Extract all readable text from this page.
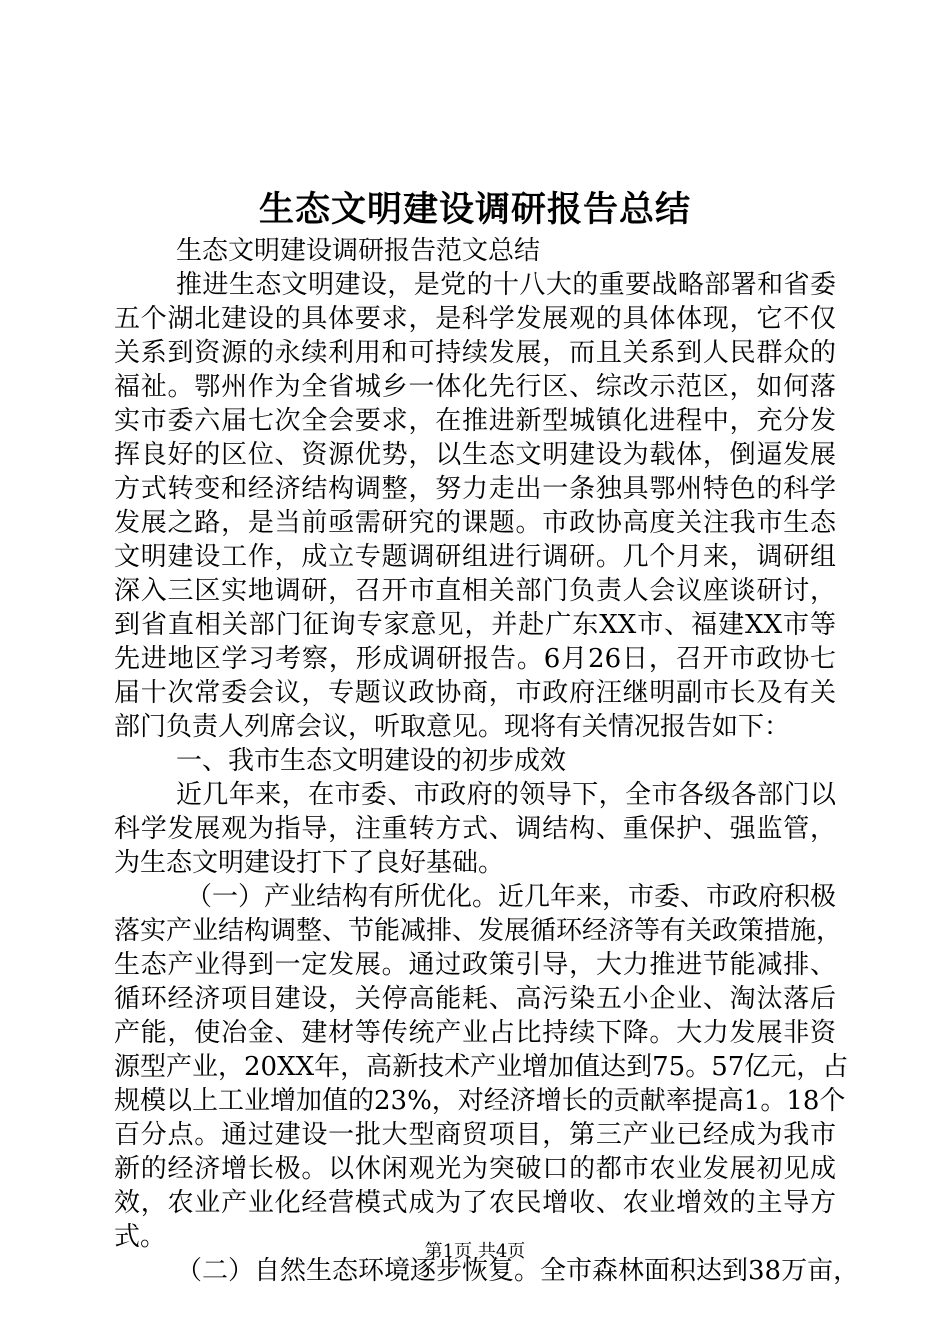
生态文明建设调研报告总结
生态文明建设调研报告范文总结
推进生态文明建设，是党的十八大的重要战略部署和省委
五个湖北建设的具体要求，是科学发展观的具体体现，它不仅
关系到资源的永续利用和可持续发展，而且关系到人民群众的
福祉。鄂州作为全省城乡一体化先行区、综改示范区，如何落
实市委六届七次全会要求，在推进新型城镇化进程中，充分发
挥良好的区位、资源优势，以生态文明建设为载体，倒逼发展
方式转变和经济结构调整，努力走出一条独具鄂州特色的科学
发展之路，是当前亟需研究的课题。市政协高度关注我市生态
文明建设工作，成立专题调研组进行调研。几个月来，调研组
深入三区实地调研，召开市直相关部门负责人会议座谈研讨，
到省直相关部门征询专家意见，并赴广东XX市、福建XX市等
先进地区学习考察，形成调研报告。6月26日，召开市政协七
届十次常委会议，专题议政协商，市政府汪继明副市长及有关
部门负责人列席会议，听取意见。现将有关情况报告如下：
一、我市生态文明建设的初步成效
近几年来，在市委、市政府的领导下，全市各级各部门以
科学发展观为指导，注重转方式、调结构、重保护、强监管，
为生态文明建设打下了良好基础。
（一）产业结构有所优化。近几年来，市委、市政府积极
落实产业结构调整、节能减排、发展循环经济等有关政策措施，
生态产业得到一定发展。通过政策引导，大力推进节能减排、
循环经济项目建设，关停高能耗、高污染五小企业、淘汰落后
产能，使冶金、建材等传统产业占比持续下降。大力发展非资
源型产业，20XX年，高新技术产业增加值达到75。57亿元，占
规模以上工业增加值的23%，对经济增长的贡献率提高1。18个
百分点。通过建设一批大型商贸项目，第三产业已经成为我市
新的经济增长极。以休闲观光为突破口的都市农业发展初见成
效，农业产业化经营模式成为了农民增收、农业增效的主导方
式。
（二）自然生态环境逐步恢复。全市森林面积达到38万亩，
第1页 共4页
